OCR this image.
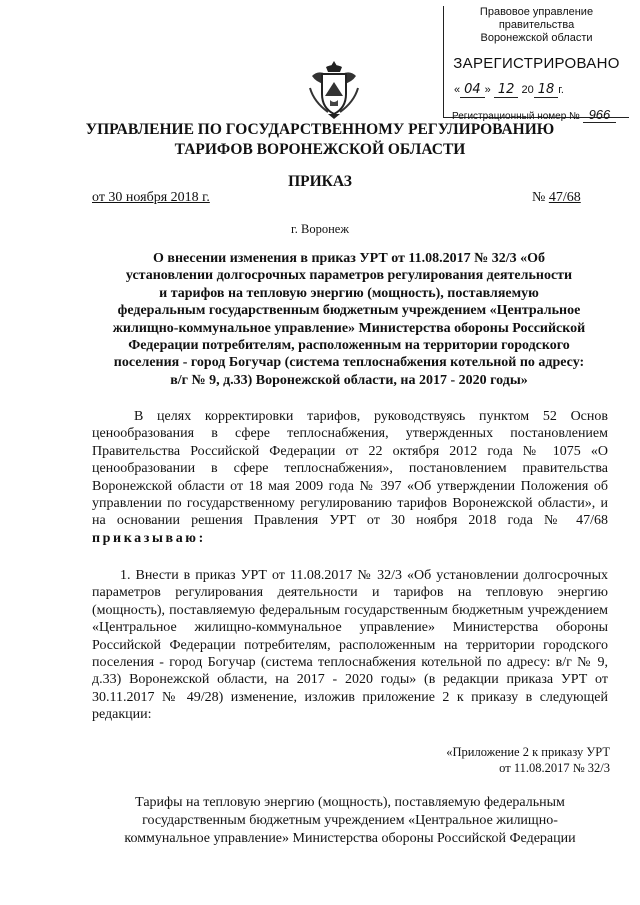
Правовое управление правительства
Воронежской области
ЗАРЕГИСТРИРОВАНО
« 04 » 12 20 18 г.
Регистрационный номер № 966
УПРАВЛЕНИЕ ПО ГОСУДАРСТВЕННОМУ РЕГУЛИРОВАНИЮ
ТАРИФОВ ВОРОНЕЖСКОЙ ОБЛАСТИ
ПРИКАЗ
от 30 ноября 2018 г.	№ 47/68
г. Воронеж
О внесении изменения в приказ УРТ от 11.08.2017 № 32/3 «Об
установлении долгосрочных параметров регулирования деятельности
и тарифов на тепловую энергию (мощность), поставляемую
федеральным государственным бюджетным учреждением «Центральное
жилищно-коммунальное управление» Министерства обороны Российской
Федерации потребителям, расположенным на территории городского
поселения - город Богучар (система теплоснабжения котельной по адресу:
в/г № 9, д.33) Воронежской области, на 2017 - 2020 годы»
В целях корректировки тарифов, руководствуясь пунктом 52 Основ ценообразования в сфере теплоснабжения, утвержденных постановлением Правительства Российской Федерации от 22 октября 2012 года № 1075 «О ценообразовании в сфере теплоснабжения», постановлением правительства Воронежской области от 18 мая 2009 года № 397 «Об утверждении Положения об управлении по государственному регулированию тарифов Воронежской области», и на основании решения Правления УРТ от 30 ноября 2018 года № 47/68 приказываю:
1. Внести в приказ УРТ от 11.08.2017 № 32/3 «Об установлении долгосрочных параметров регулирования деятельности и тарифов на тепловую энергию (мощность), поставляемую федеральным государственным бюджетным учреждением «Центральное жилищно-коммунальное управление» Министерства обороны Российской Федерации потребителям, расположенным на территории городского поселения - город Богучар (система теплоснабжения котельной по адресу: в/г № 9, д.33) Воронежской области, на 2017 - 2020 годы» (в редакции приказа УРТ от 30.11.2017 № 49/28) изменение, изложив приложение 2 к приказу в следующей редакции:
«Приложение 2 к приказу УРТ
от 11.08.2017 № 32/3
Тарифы на тепловую энергию (мощность), поставляемую федеральным
государственным бюджетным учреждением «Центральное жилищно-
коммунальное управление» Министерства обороны Российской Федерации
